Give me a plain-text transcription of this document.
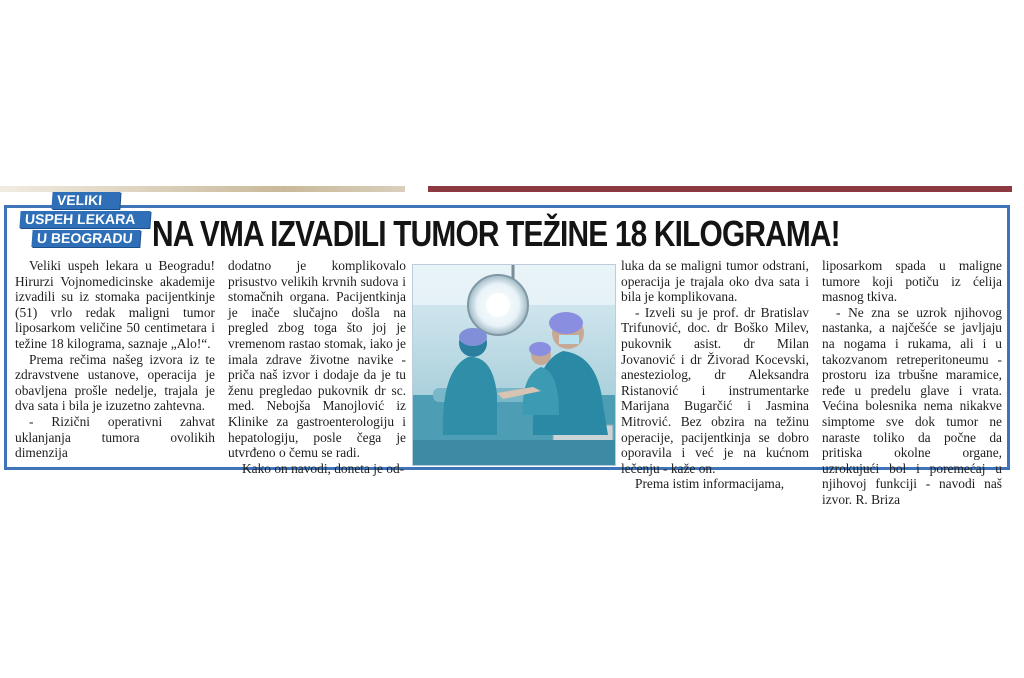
VELIKI
USPEH LEKARA
U BEOGRADU NA VMA IZVADILI TUMOR TEŽINE 18 KILOGRAMA!

Veliki uspeh lekara u Beogradu! Hirurzi Vojnomedicinske akademije izvadili su iz stomaka pacijentkinje (51) vrlo redak maligni tumor liposarkom veličine 50 centimetara i težine 18 kilograma, saznaje „Alo!“.

Prema rečima našeg izvora iz te zdravstvene ustanove, operacija je obavljena prošle nedelje, trajala je dva sata i bila je izuzetno zahtevna.

- Rizični operativni zahvat uklanjanja tumora ovolikih dimenzija

dodatno je komplikovalo prisustvo velikih krvnih sudova i stomačnih organa. Pacijentkinja je inače slučajno došla na pregled zbog toga što joj je vremenom rastao stomak, iako je imala zdrave životne navike - priča naš izvor i dodaje da je tu ženu pregledao pukovnik dr sc. med. Nebojša Manojlović iz Klinike za gastroenterologiju i hepatologiju, posle čega je utvrđeno o čemu se radi.

Kako on navodi, doneta je od-

luka da se maligni tumor odstrani, operacija je trajala oko dva sata i bila je komplikovana.

- Izveli su je prof. dr Bratislav Trifunović, doc. dr Boško Milev, pukovnik asist. dr Milan Jovanović i dr Živorad Kocevski, anesteziolog, dr Aleksandra Ristanović i instrumentarke Marijana Bugarčić i Jasmina Mitrović. Bez obzira na težinu operacije, pacijentkinja se dobro oporavila i već je na kućnom lečenju - kaže on.

Prema istim informacijama,

liposarkom spada u maligne tumore koji potiču iz ćelija masnog tkiva.

- Ne zna se uzrok njihovog nastanka, a najčešće se javljaju na nogama i rukama, ali i u takozvanom retreperitoneumu - prostoru iza trbušne maramice, ređe u predelu glave i vrata. Većina bolesnika nema nikakve simptome sve dok tumor ne naraste toliko da počne da pritiska okolne organe, uzrokujući bol i poremećaj u njihovoj funkciji - navodi naš izvor. R. Briza
